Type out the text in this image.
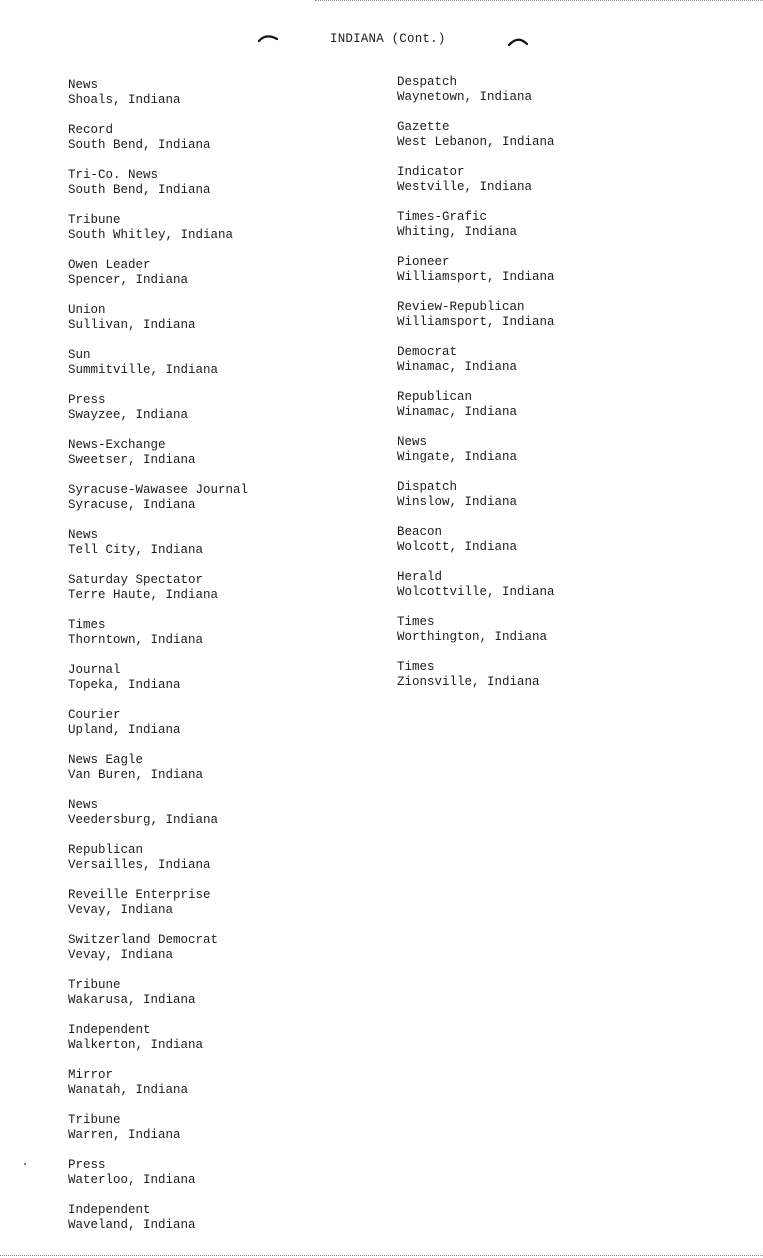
INDIANA (Cont.)
News
Shoals, Indiana
Record
South Bend, Indiana
Tri-Co. News
South Bend, Indiana
Tribune
South Whitley, Indiana
Owen Leader
Spencer, Indiana
Union
Sullivan, Indiana
Sun
Summitville, Indiana
Press
Swayzee, Indiana
News-Exchange
Sweetser, Indiana
Syracuse-Wawasee Journal
Syracuse, Indiana
News
Tell City, Indiana
Saturday Spectator
Terre Haute, Indiana
Times
Thorntown, Indiana
Journal
Topeka, Indiana
Courier
Upland, Indiana
News Eagle
Van Buren, Indiana
News
Veedersburg, Indiana
Republican
Versailles, Indiana
Reveille Enterprise
Vevay, Indiana
Switzerland Democrat
Vevay, Indiana
Tribune
Wakarusa, Indiana
Independent
Walkerton, Indiana
Mirror
Wanatah, Indiana
Tribune
Warren, Indiana
Press
Waterloo, Indiana
Independent
Waveland, Indiana
Despatch
Waynetown, Indiana
Gazette
West Lebanon, Indiana
Indicator
Westville, Indiana
Times-Grafic
Whiting, Indiana
Pioneer
Williamsport, Indiana
Review-Republican
Williamsport, Indiana
Democrat
Winamac, Indiana
Republican
Winamac, Indiana
News
Wingate, Indiana
Dispatch
Winslow, Indiana
Beacon
Wolcott, Indiana
Herald
Wolcottville, Indiana
Times
Worthington, Indiana
Times
Zionsville, Indiana
